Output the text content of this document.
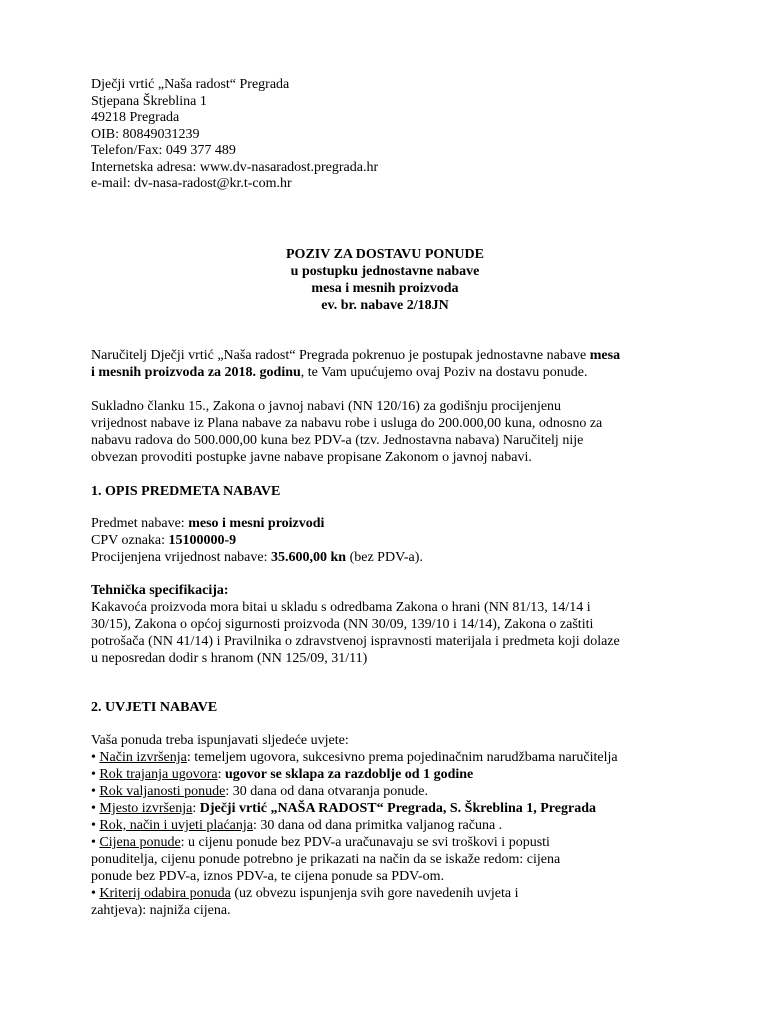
Dječji vrtić „Naša radost“ Pregrada
Stjepana Škreblina 1
49218 Pregrada
OIB: 80849031239
Telefon/Fax: 049 377 489
Internetska adresa: www.dv-nasaradost.pregrada.hr
e-mail: dv-nasa-radost@kr.t-com.hr
POZIV ZA DOSTAVU PONUDE
u postupku jednostavne nabave
mesa i mesnih proizvoda
ev. br. nabave 2/18JN
Naručitelj Dječji vrtić „Naša radost“ Pregrada pokrenuo je postupak jednostavne nabave mesa
i mesnih proizvoda za 2018. godinu, te Vam upućujemo ovaj Poziv na dostavu ponude.
Sukladno članku 15., Zakona o javnoj nabavi (NN 120/16) za godišnju procijenjenu
vrijednost nabave iz Plana nabave za nabavu robe i usluga do 200.000,00 kuna, odnosno za
nabavu radova do 500.000,00 kuna bez PDV-a (tzv. Jednostavna nabava) Naručitelj nije
obvezan provoditi postupke javne nabave propisane Zakonom o javnoj nabavi.
1. OPIS PREDMETA NABAVE
Predmet nabave: meso i mesni proizvodi
CPV oznaka: 15100000-9
Procijenjena vrijednost nabave: 35.600,00 kn (bez PDV-a).
Tehnička specifikacija:
Kakavoća proizvoda mora bitai u skladu s odredbama Zakona o hrani (NN 81/13, 14/14 i
30/15), Zakona o općoj sigurnosti proizvoda (NN 30/09, 139/10 i 14/14), Zakona o zaštiti
potrošača (NN 41/14) i Pravilnika o zdravstvenoj ispravnosti materijala i predmeta koji dolaze
u neposredan dodir s hranom (NN 125/09, 31/11)
2. UVJETI NABAVE
Vaša ponuda treba ispunjavati sljedeće uvjete:
• Način izvršenja: temeljem ugovora, sukcesivno prema pojedinačnim narudžbama naručitelja
• Rok trajanja ugovora: ugovor se sklapa za razdoblje od 1 godine
• Rok valjanosti ponude: 30 dana od dana otvaranja ponude.
• Mjesto izvršenja: Dječji vrtić „NAŠA RADOST“ Pregrada, S. Škreblina 1, Pregrada
• Rok, način i uvjeti plaćanja: 30 dana od dana primitka valjanog računa .
• Cijena ponude: u cijenu ponude bez PDV-a uračunavaju se svi troškovi i popusti
ponuditelja, cijenu ponude potrebno je prikazati na način da se iskaže redom: cijena
ponude bez PDV-a, iznos PDV-a, te cijena ponude sa PDV-om.
• Kriterij odabira ponuda (uz obvezu ispunjenja svih gore navedenih uvjeta i
zahtjeva): najniža cijena.
